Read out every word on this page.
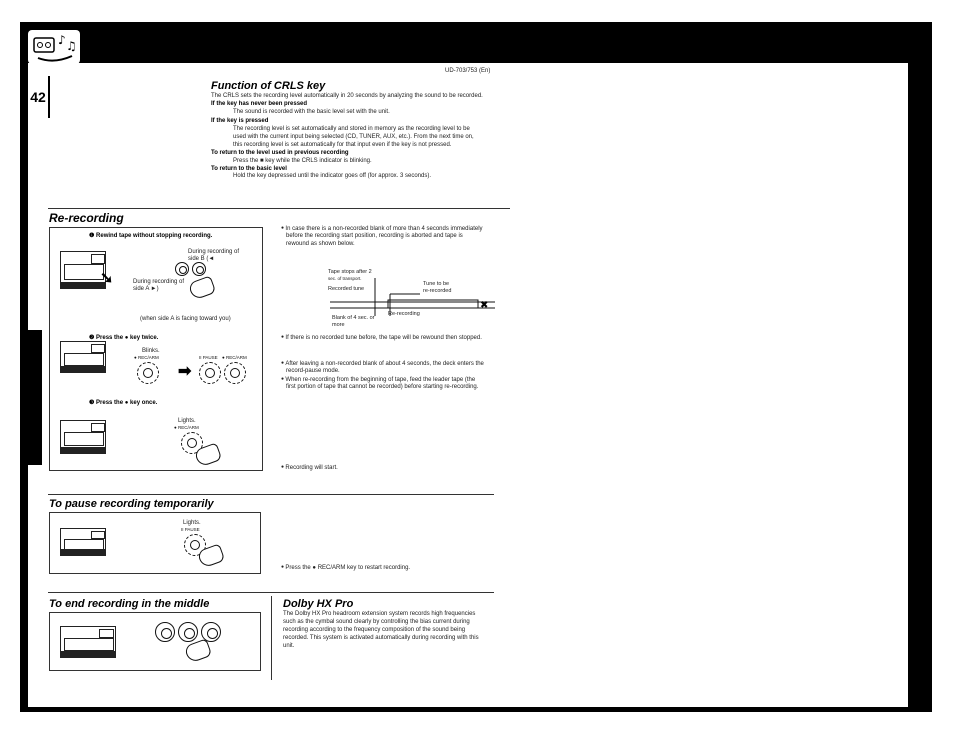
♪ ♫
42
UD-703/753 (En)
Function of CRLS key
The CRLS sets the recording level automatically in 20 seconds by analyzing the sound to be recorded.
If the key has never been pressed
The sound is recorded with the basic level set with the unit.
If the key is pressed
The recording level is set automatically and stored in memory as the recording level to be
used with the current input being selected (CD, TUNER, AUX, etc.). From the next time on,
this recording level is set automatically for that input even if the key is not pressed.
To return to the level used in previous recording
Press the ■ key while the CRLS indicator is blinking.
To return to the basic level
Hold the key depressed until the indicator goes off (for approx. 3 seconds).
Re-recording
❶ Rewind tape without stopping recording.
➘
During recording of
side B (◄
During recording of
side A ►)
(when side A is facing toward you)
❷ Press the ● key twice.
Blinks.
● REC/ARM
➡
II PAUSE ● REC/ARM
❸ Press the ● key once.
Lights.
● REC/ARM
● In case there is a non-recorded blank of more than 4 seconds immediately
before the recording start position, recording is aborted and tape is
rewound as shown below.
✖
Tape stops after 2
sec. of transport.
Recorded tune
Tune to be
re-recorded
Blank of 4 sec. or
more
Re-recording
● If there is no recorded tune before, the tape will be rewound then stopped.
● After leaving a non-recorded blank of about 4 seconds, the deck enters the
record-pause mode.
● When re-recording from the beginning of tape, feed the leader tape (the
first portion of tape that cannot be recorded) before starting re-recording.
● Recording will start.
To pause recording temporarily
Lights.
II PAUSE
● Press the ● REC/ARM key to restart recording.
To end recording in the middle	Dolby HX Pro
The Dolby HX Pro headroom extension system records high frequencies
such as the cymbal sound clearly by controlling the bias current during
recording according to the frequency composition of the sound being
recorded. This system is activated automatically during recording with this
unit.
